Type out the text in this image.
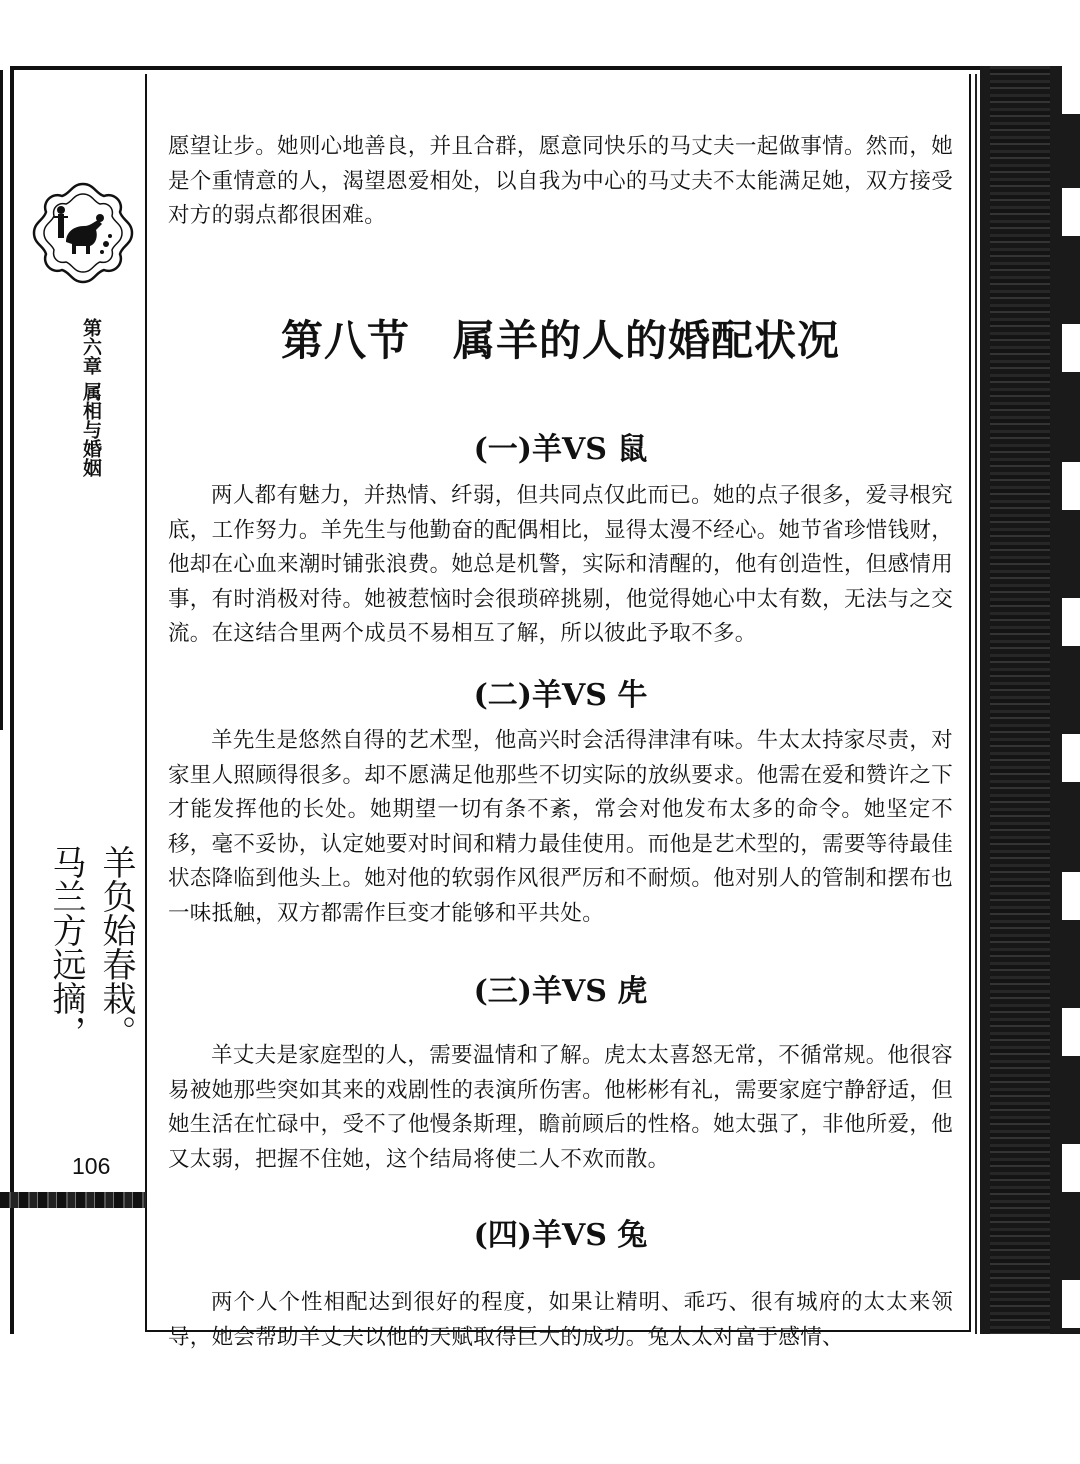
第六章 属相与婚姻
羊负始春栽。
马兰方远摘，
106

愿望让步。她则心地善良，并且合群，愿意同快乐的马丈夫一起做事情。然而，她是个重情意的人，渴望恩爱相处，以自我为中心的马丈夫不太能满足她，双方接受对方的弱点都很困难。

第八节　属羊的人的婚配状况
(一)羊VS 鼠

两人都有魅力，并热情、纤弱，但共同点仅此而已。她的点子很多，爱寻根究底，工作努力。羊先生与他勤奋的配偶相比，显得太漫不经心。她节省珍惜钱财，他却在心血来潮时铺张浪费。她总是机警，实际和清醒的，他有创造性，但感情用事，有时消极对待。她被惹恼时会很琐碎挑剔，他觉得她心中太有数，无法与之交流。在这结合里两个成员不易相互了解，所以彼此予取不多。

(二)羊VS 牛

羊先生是悠然自得的艺术型，他高兴时会活得津津有味。牛太太持家尽责，对家里人照顾得很多。却不愿满足他那些不切实际的放纵要求。他需在爱和赞许之下才能发挥他的长处。她期望一切有条不紊，常会对他发布太多的命令。她坚定不移，毫不妥协，认定她要对时间和精力最佳使用。而他是艺术型的，需要等待最佳状态降临到他头上。她对他的软弱作风很严厉和不耐烦。他对别人的管制和摆布也一味抵触，双方都需作巨变才能够和平共处。

(三)羊VS 虎

羊丈夫是家庭型的人，需要温情和了解。虎太太喜怒无常，不循常规。他很容易被她那些突如其来的戏剧性的表演所伤害。他彬彬有礼，需要家庭宁静舒适，但她生活在忙碌中，受不了他慢条斯理，瞻前顾后的性格。她太强了，非他所爱，他又太弱，把握不住她，这个结局将使二人不欢而散。

(四)羊VS 兔

两个人个性相配达到很好的程度，如果让精明、乖巧、很有城府的太太来领导，她会帮助羊丈夫以他的天赋取得巨大的成功。兔太太对富于感情、
